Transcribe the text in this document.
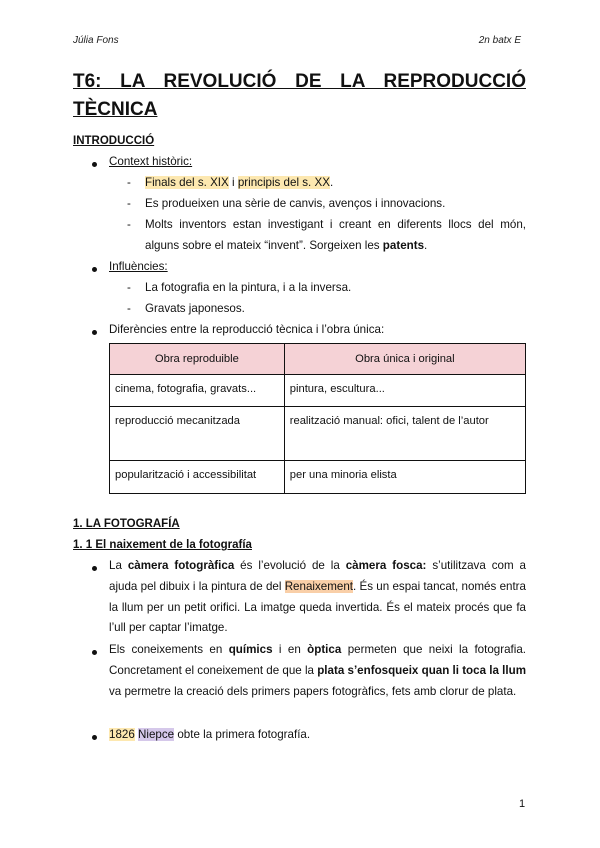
Júlia Fons	2n batx E
T6: LA REVOLUCIÓ DE LA REPRODUCCIÓ TÈCNICA
INTRODUCCIÓ
Context històric:
- Finals del s. XIX i principis del s. XX.
- Es produeixen una sèrie de canvis, avenços i innovacions.
- Molts inventors estan investigant i creant en diferents llocs del món, alguns sobre el mateix “invent”. Sorgeixen les patents.
Influències:
- La fotografia en la pintura, i a la inversa.
- Gravats japonesos.
Diferències entre la reproducció tècnica i l’obra única:
Obra reproduible	Obra única i original
cinema, fotografia, gravats...	pintura, escultura...
reproducció mecanitzada	realització manual: ofici, talent de l’autor
popularització i accessibilitat	per una minoria elista
1. LA FOTOGRAFÍA
1. 1 El naixement de la fotografía
La càmera fotogràfica és l’evolució de la càmera fosca: s’utilitzava com a ajuda pel dibuix i la pintura de del Renaixement. És un espai tancat, només entra la llum per un petit orifici. La imatge queda invertida. És el mateix procés que fa l’ull per captar l’imatge.
Els coneixements en químics i en òptica permeten que neixi la fotografia. Concretament el coneixement de que la plata s’enfosqueix quan li toca la llum va permetre la creació dels primers papers fotogràfics, fets amb clorur de plata.
1826 Niepce obte la primera fotografía.
1
